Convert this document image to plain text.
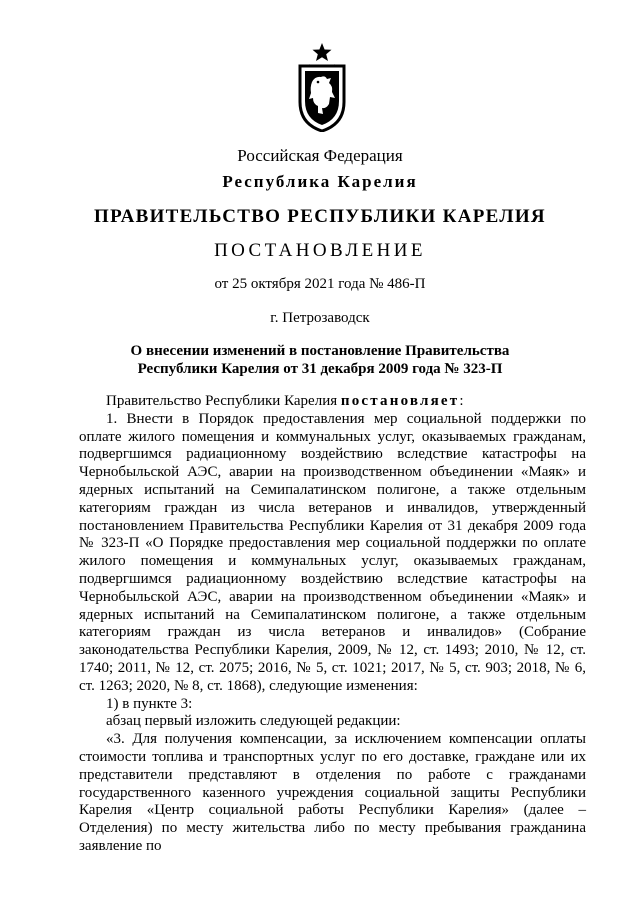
Российская Федерация
Республика Карелия
ПРАВИТЕЛЬСТВО РЕСПУБЛИКИ КАРЕЛИЯ
ПОСТАНОВЛЕНИЕ
от 25 октября 2021 года № 486-П
г. Петрозаводск
О внесении изменений в постановление Правительства
Республики Карелия от 31 декабря 2009 года № 323-П

Правительство Республики Карелия постановляет:

1. Внести в Порядок предоставления мер социальной поддержки по оплате жилого помещения и коммунальных услуг, оказываемых гражданам, подвергшимся радиационному воздействию вследствие катастрофы на Чернобыльской АЭС, аварии на производственном объединении «Маяк» и ядерных испытаний на Семипалатинском полигоне, а также отдельным категориям граждан из числа ветеранов и инвалидов, утвержденный постановлением Правительства Республики Карелия от 31 декабря 2009 года № 323-П «О Порядке предоставления мер социальной поддержки по оплате жилого помещения и коммунальных услуг, оказываемых гражданам, подвергшимся радиационному воздействию вследствие катастрофы на Чернобыльской АЭС, аварии на производственном объединении «Маяк» и ядерных испытаний на Семипалатинском полигоне, а также отдельным категориям граждан из числа ветеранов и инвалидов» (Собрание законодательства Республики Карелия, 2009, № 12, ст. 1493; 2010, № 12, ст. 1740; 2011, № 12, ст. 2075; 2016, № 5, ст. 1021; 2017, № 5, ст. 903; 2018, № 6, ст. 1263; 2020, № 8, ст. 1868), следующие изменения:

1) в пункте 3:

абзац первый изложить следующей редакции:

«3. Для получения компенсации, за исключением компенсации оплаты стоимости топлива и транспортных услуг по его доставке, граждане или их представители представляют в отделения по работе с гражданами государственного казенного учреждения социальной защиты Республики Карелия «Центр социальной работы Республики Карелия» (далее – Отделения) по месту жительства либо по месту пребывания гражданина заявление по
